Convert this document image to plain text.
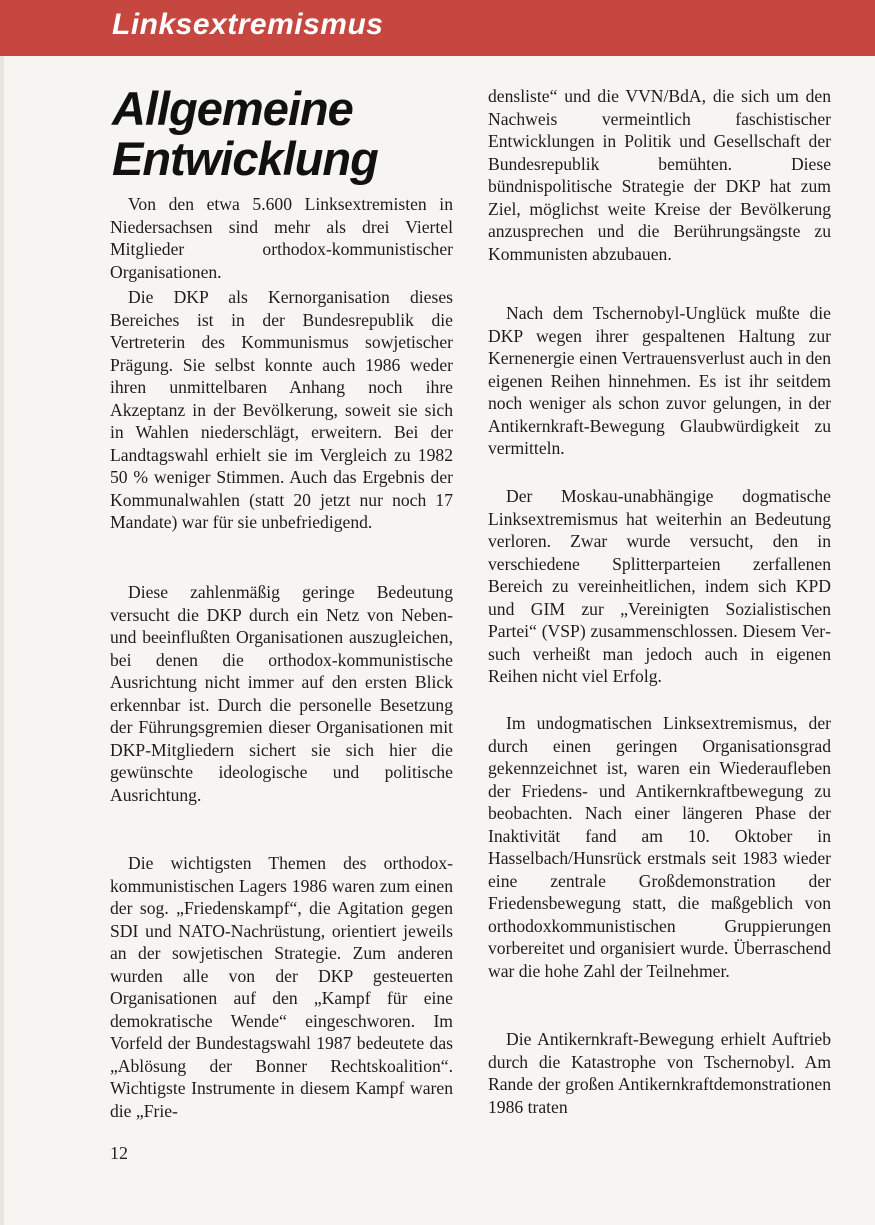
Linksextremismus
Allgemeine
Entwicklung

Von den etwa 5.600 Linksextremisten in Niedersachsen sind mehr als drei Viertel Mitglieder orthodox-kommunistischer Organisationen.

Die DKP als Kernorganisation dieses Bereiches ist in der Bundesrepublik die Vertreterin des Kommunismus sowjetischer Prägung. Sie selbst konnte auch 1986 weder ihren unmittelbaren Anhang noch ihre Akzeptanz in der Bevölkerung, soweit sie sich in Wahlen niederschlägt, erweitern. Bei der Landtagswahl erhielt sie im Vergleich zu 1982 50 % weniger Stimmen. Auch das Ergebnis der Kommunalwahlen (statt 20 jetzt nur noch 17 Mandate) war für sie unbefriedigend.

Diese zahlenmäßig geringe Bedeutung versucht die DKP durch ein Netz von Neben- und beeinflußten Organisationen auszugleichen, bei denen die orthodox-kommunistische Ausrichtung nicht immer auf den ersten Blick erkennbar ist. Durch die personelle Besetzung der Führungsgremien dieser Organisationen mit DKP-Mitgliedern sichert sie sich hier die gewünschte ideologische und politische Ausrichtung.

Die wichtigsten Themen des orthodox-kommunistischen Lagers 1986 waren zum einen der sog. „Friedenskampf“, die Agitation gegen SDI und NATO-Nachrüstung, orientiert jeweils an der sowjetischen Strategie. Zum anderen wurden alle von der DKP gesteuerten Organisationen auf den „Kampf für eine demokratische Wende“ eingeschworen. Im Vorfeld der Bundestagswahl 1987 bedeutete das „Ablösung der Bonner Rechtskoalition“. Wichtigste Instrumente in diesem Kampf waren die „Frie-

densliste“ und die VVN/BdA, die sich um den Nachweis vermeintlich faschistischer Entwicklungen in Politik und Gesellschaft der Bundesrepublik bemühten. Diese bündnispolitische Strategie der DKP hat zum Ziel, möglichst weite Kreise der Bevölkerung anzusprechen und die Berührungsängste zu Kommunisten abzubauen.

Nach dem Tschernobyl-Unglück mußte die DKP wegen ihrer gespaltenen Haltung zur Kernenergie einen Vertrauensverlust auch in den eigenen Reihen hinnehmen. Es ist ihr seitdem noch weniger als schon zuvor gelungen, in der Antikernkraft-Bewegung Glaubwürdigkeit zu vermitteln.

Der Moskau-unabhängige dogmatische Linksextremismus hat weiterhin an Bedeutung verloren. Zwar wurde versucht, den in verschiedene Splitterparteien zerfallenen Bereich zu vereinheitlichen, indem sich KPD und GIM zur „Vereinigten Sozialistischen Partei“ (VSP) zusammenschlossen. Diesem Versuch verheißt man jedoch auch in eigenen Reihen nicht viel Erfolg.

Im undogmatischen Linksextremismus, der durch einen geringen Organisationsgrad gekennzeichnet ist, waren ein Wiederaufleben der Friedens- und Antikernkraftbewegung zu beobachten. Nach einer längeren Phase der Inaktivität fand am 10. Oktober in Hasselbach/Hunsrück erstmals seit 1983 wieder eine zentrale Großdemonstration der Friedensbewegung statt, die maßgeblich von orthodoxkommunistischen Gruppierungen vorbereitet und organisiert wurde. Überraschend war die hohe Zahl der Teilnehmer.

Die Antikernkraft-Bewegung erhielt Auftrieb durch die Katastrophe von Tschernobyl. Am Rande der großen Antikernkraftdemonstrationen 1986 traten

12
